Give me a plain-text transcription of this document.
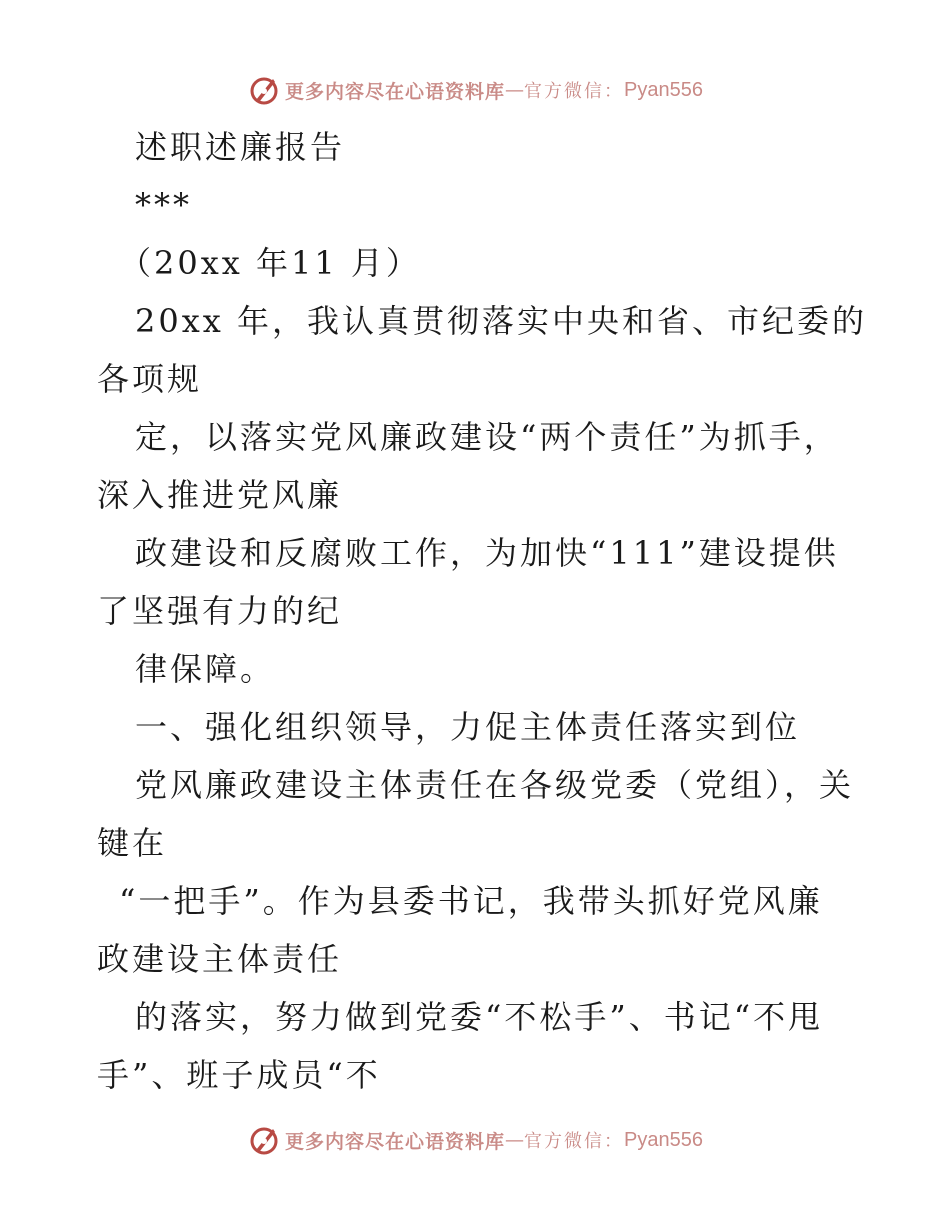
更多内容尽在心语资料库 — 官方微信： Pyan556
述职述廉报告
***
（20xx 年11 月）
20xx 年，我认真贯彻落实中央和省、市纪委的
各项规
定，以落实党风廉政建设“两个责任”为抓手，
深入推进党风廉
政建设和反腐败工作，为加快“111”建设提供
了坚强有力的纪
律保障。
一、强化组织领导，力促主体责任落实到位
党风廉政建设主体责任在各级党委（党组），关
键在
“一把手”。作为县委书记，我带头抓好党风廉
政建设主体责任
的落实，努力做到党委“不松手”、书记“不甩
手”、班子成员“不
更多内容尽在心语资料库 — 官方微信： Pyan556
